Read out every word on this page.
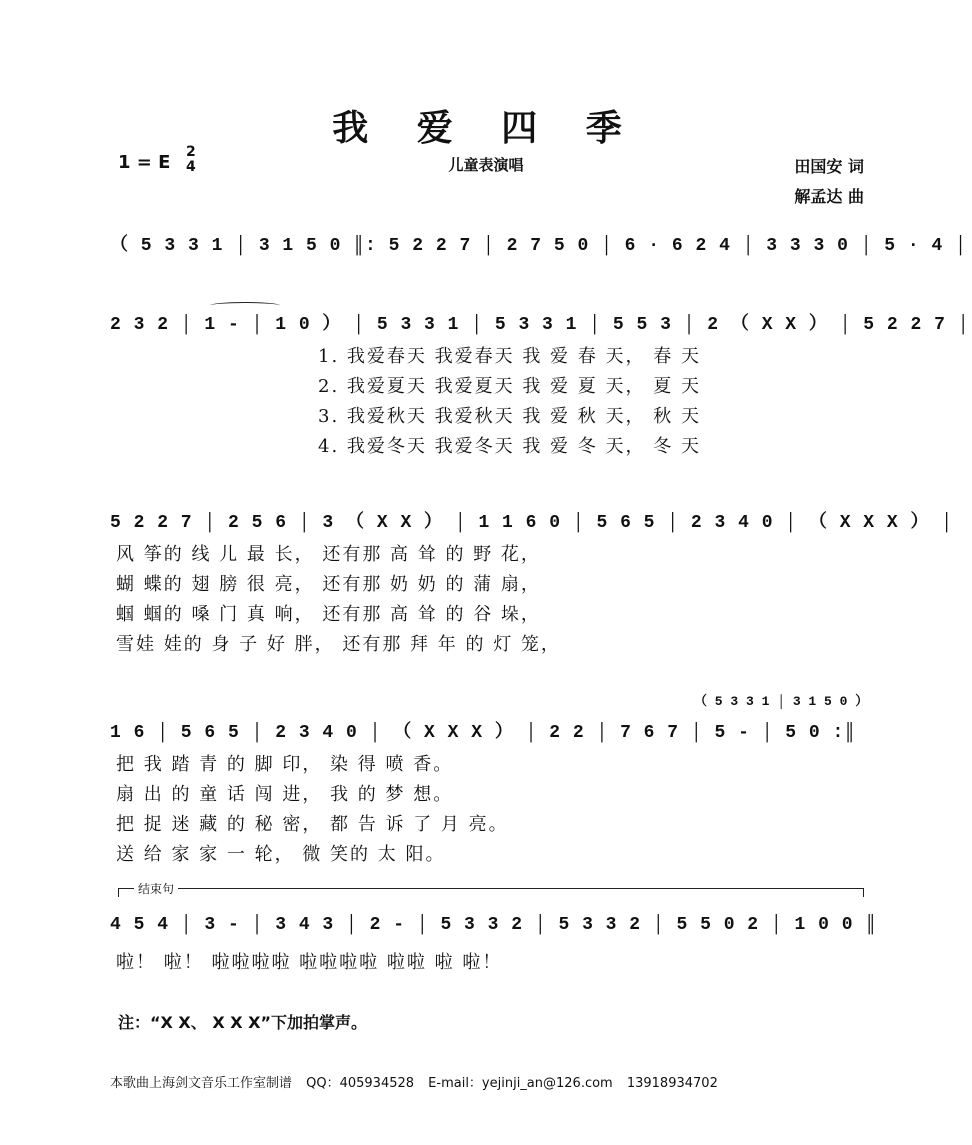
我 爱 四 季
1 = E 2
4	儿童表演唱	田国安 词
解孟达 曲
（ 5 3 3 1 │ 3 1 5 0 ║: 5 2 2 7 │ 2 7 5 0 │ 6 · 6 2 4 │ 3 3 3 0 │ 5 · 4 │
2 3 2 │ 1 - │ 1 0 ） │ 5 3 3 1 │ 5 3 3 1 │ 5 5 3 │ 2 （ X X ） │ 5 2 2 7 │
1. 我爱春天 我爱春天 我 爱 春 天， 春 天
2. 我爱夏天 我爱夏天 我 爱 夏 天， 夏 天
3. 我爱秋天 我爱秋天 我 爱 秋 天， 秋 天
4. 我爱冬天 我爱冬天 我 爱 冬 天， 冬 天
5 2 2 7 │ 2 5 6 │ 3 （ X X ） │ 1 1 6 0 │ 5 6 5 │ 2 3 4 0 │ （ X X X ） │
风 筝的 线 儿 最 长， 还有那 高 耸 的 野 花，
蝴 蝶的 翅 膀 很 亮， 还有那 奶 奶 的 蒲 扇，
蝈 蝈的 嗓 门 真 响， 还有那 高 耸 的 谷 垛，
雪娃 娃的 身 子 好 胖， 还有那 拜 年 的 灯 笼，
（ 5 3 3 1 │ 3 1 5 0 ）
1 6 │ 5 6 5 │ 2 3 4 0 │ （ X X X ） │ 2 2 │ 7 6 7 │ 5 - │ 5 0 :║
把 我 踏 青 的 脚 印， 染 得 喷 香。
扇 出 的 童 话 闯 进， 我 的 梦 想。
把 捉 迷 藏 的 秘 密， 都 告 诉 了 月 亮。
送 给 家 家 一 轮， 微 笑的 太 阳。
结束句
4 5 4 │ 3 - │ 3 4 3 │ 2 - │ 5 3 3 2 │ 5 3 3 2 │ 5 5 0 2 │ 1 0 0 ║
啦！ 啦！ 啦啦啦啦 啦啦啦啦 啦啦 啦 啦！
注：“X X、 X X X”下加拍掌声。
本歌曲上海剑文音乐工作室制谱 QQ：405934528 E-mail：yejinji_an@126.com 13918934702
